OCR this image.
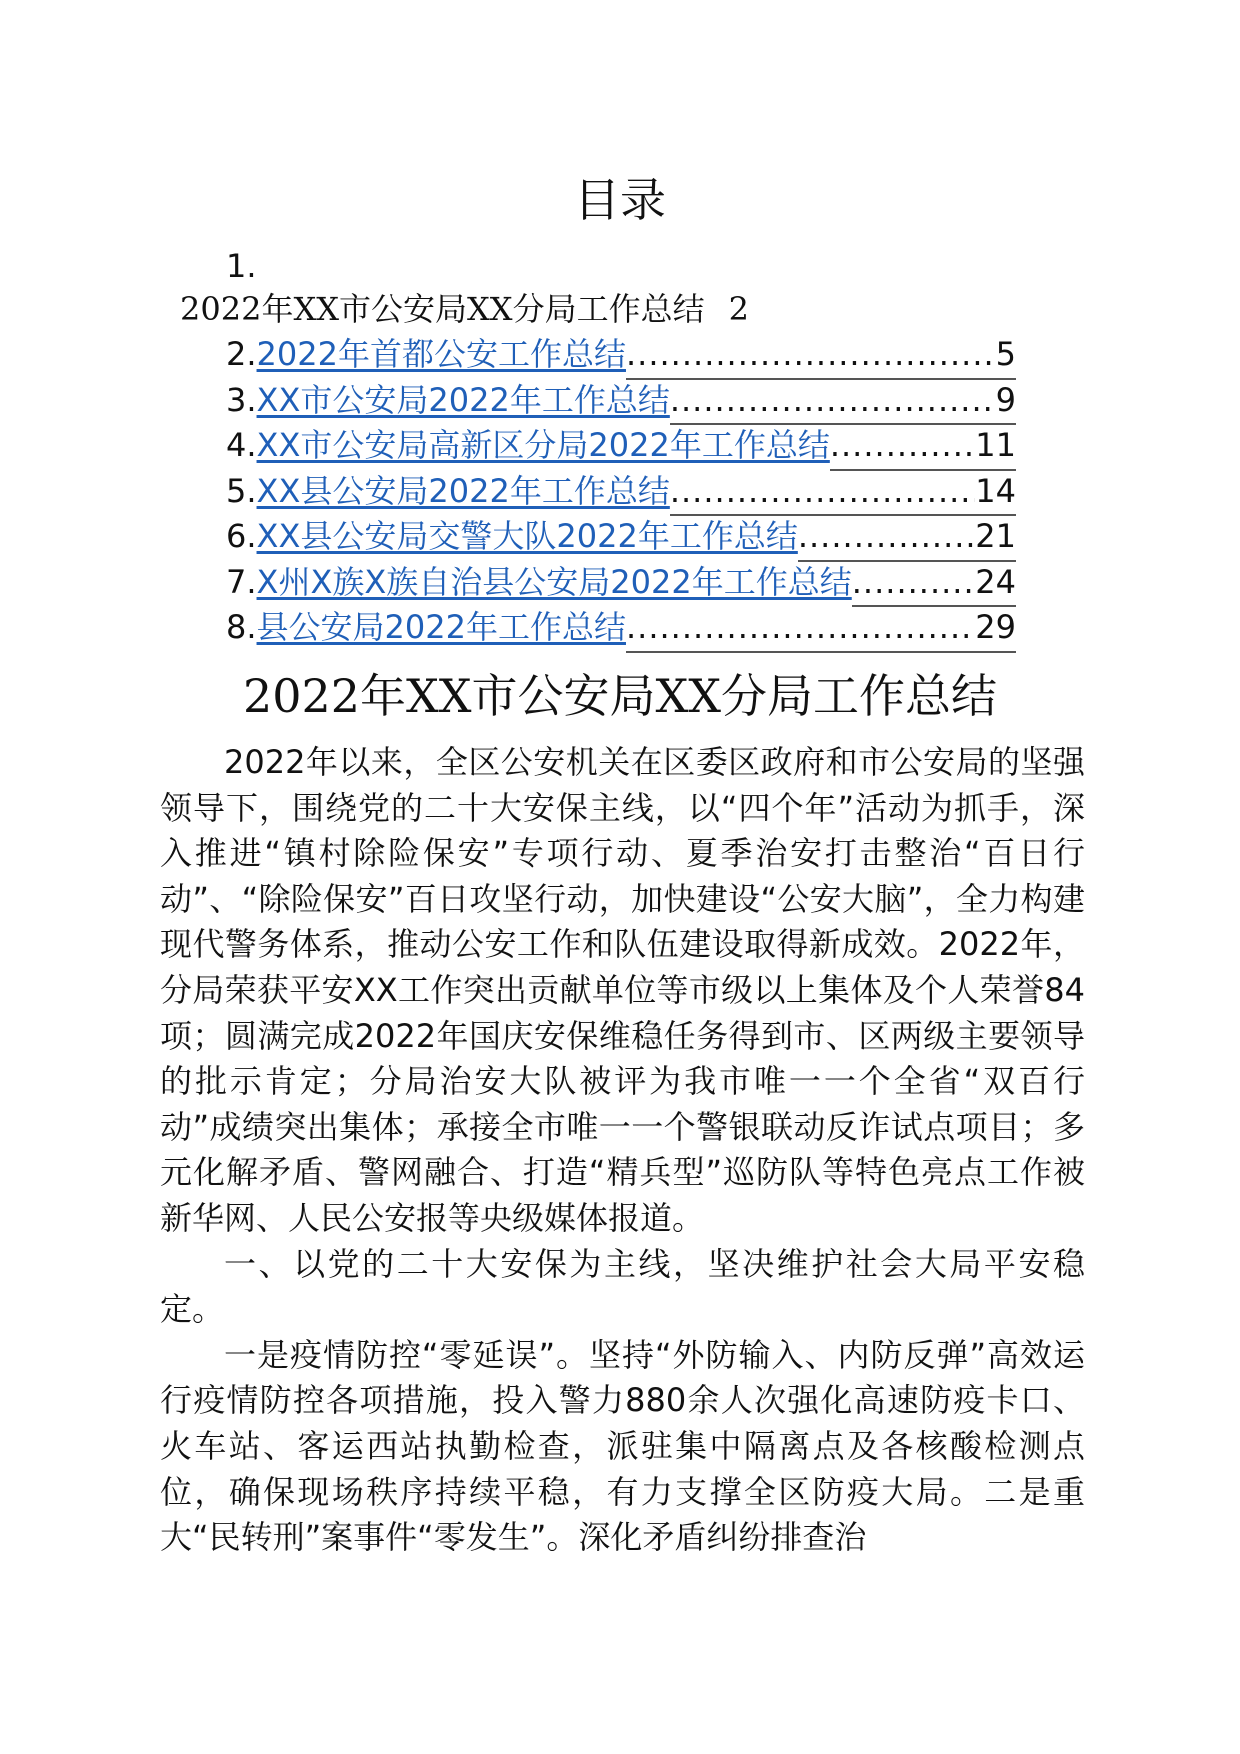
目录
1.
2022年XX市公安局XX分局工作总结 2
2. 2022年首都公安工作总结 .....	5
3. XX市公安局2022年工作总结 .....	9
4. XX市公安局高新区分局2022年工作总结 .....	11
5. XX县公安局2022年工作总结 .....	14
6. XX县公安局交警大队2022年工作总结 .....	21
7. X州X族X族自治县公安局2022年工作总结 .....	24
8. 县公安局2022年工作总结 .....	29
2022年XX市公安局XX分局工作总结

2022年以来，全区公安机关在区委区政府和市公安局的坚强领导下，围绕党的二十大安保主线，以“四个年”活动为抓手，深入推进“镇村除险保安”专项行动、夏季治安打击整治“百日行动”、“除险保安”百日攻坚行动，加快建设“公安大脑”，全力构建现代警务体系，推动公安工作和队伍建设取得新成效。2022年，分局荣获平安XX工作突出贡献单位等市级以上集体及个人荣誉84项；圆满完成2022年国庆安保维稳任务得到市、区两级主要领导的批示肯定；分局治安大队被评为我市唯一一个全省“双百行动”成绩突出集体；承接全市唯一一个警银联动反诈试点项目；多元化解矛盾、警网融合、打造“精兵型”巡防队等特色亮点工作被新华网、人民公安报等央级媒体报道。

一、以党的二十大安保为主线，坚决维护社会大局平安稳定。

一是疫情防控“零延误”。坚持“外防输入、内防反弹”高效运行疫情防控各项措施，投入警力880余人次强化高速防疫卡口、火车站、客运西站执勤检查，派驻集中隔离点及各核酸检测点位，确保现场秩序持续平稳，有力支撑全区防疫大局。二是重大“民转刑”案事件“零发生”。深化矛盾纠纷排查治
